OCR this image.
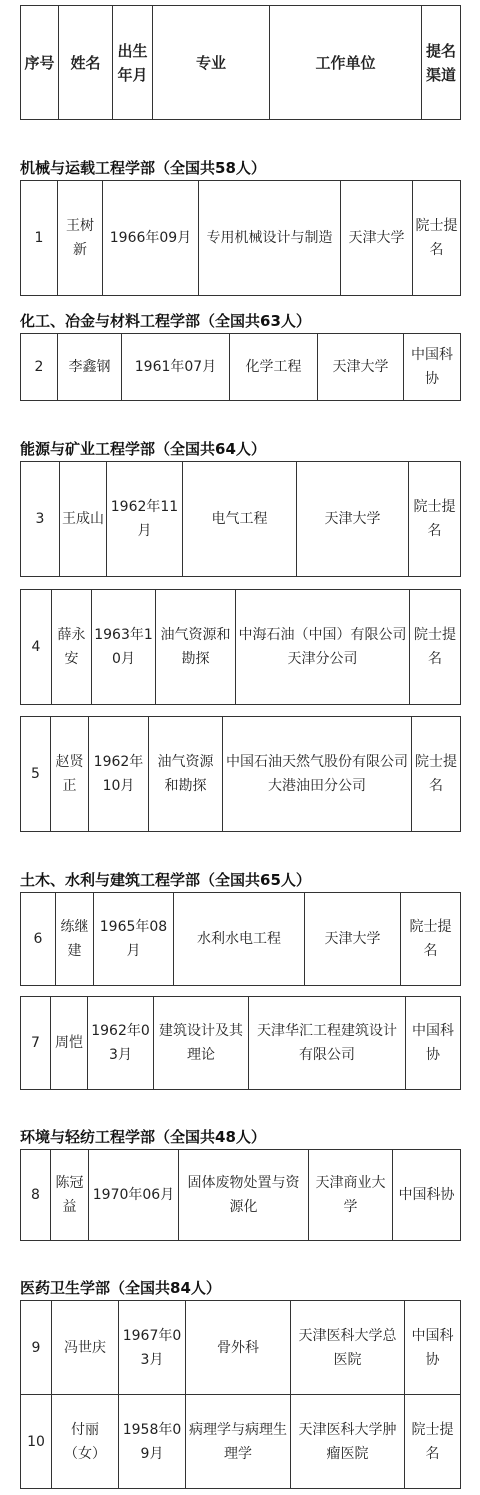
序号	姓名	出生年月	专业	工作单位	提名渠道
机械与运载工程学部（全国共58人）
1	王树新	1966年09月	专用机械设计与制造	天津大学	院士提名
化工、冶金与材料工程学部（全国共63人）
2	李鑫钢	1961年07月	化学工程	天津大学	中国科协
能源与矿业工程学部（全国共64人）
3	王成山	1962年11月	电气工程	天津大学	院士提名
4	薛永安	1963年10月	油气资源和勘探	中海石油（中国）有限公司天津分公司	院士提名
5	赵贤正	1962年10月	油气资源和勘探	中国石油天然气股份有限公司大港油田分公司	院士提名
土木、水利与建筑工程学部（全国共65人）
6	练继建	1965年08月	水利水电工程	天津大学	院士提名
7	周恺	1962年03月	建筑设计及其理论	天津华汇工程建筑设计有限公司	中国科协
环境与轻纺工程学部（全国共48人）
8	陈冠益	1970年06月	固体废物处置与资源化	天津商业大学	中国科协
医药卫生学部（全国共84人）
9	冯世庆	1967年03月	骨外科	天津医科大学总医院	中国科协
10	付丽（女）	1958年09月	病理学与病理生理学	天津医科大学肿瘤医院	院士提名
